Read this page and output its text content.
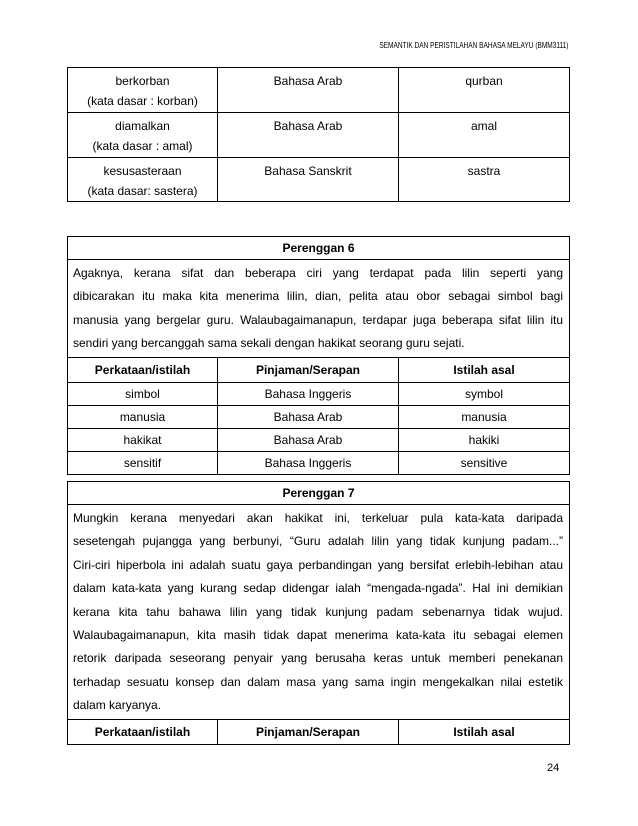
SEMANTIK DAN PERISTILAHAN BAHASA MELAYU (BMM3111)
berkorban
(kata dasar : korban)	Bahasa Arab	qurban

diamalkan
(kata dasar : amal)	Bahasa Arab	amal

kesusasteraan
(kata dasar: sastera)	Bahasa Sanskrit	sastra
Perenggan 6		

Agaknya, kerana sifat dan beberapa ciri yang terdapat pada lilin seperti yang
dibicarakan itu maka kita menerima lilin, dian, pelita atau obor sebagai simbol bagi
manusia yang bergelar guru. Walaubagaimanapun, terdapar juga beberapa sifat lilin itu
sendiri yang bercanggah sama sekali dengan hakikat seorang guru sejati.		

Perkataan/istilah	Pinjaman/Serapan	Istilah asal
simbol	Bahasa Inggeris	symbol
manusia	Bahasa Arab	manusia
hakikat	Bahasa Arab	hakiki
sensitif	Bahasa Inggeris	sensitive
Perenggan 7

Mungkin kerana menyedari akan hakikat ini, terkeluar pula kata-kata daripada
sesetengah pujangga yang berbunyi, “Guru adalah lilin yang tidak kunjung padam...”
Ciri-ciri hiperbola ini adalah suatu gaya perbandingan yang bersifat erlebih-lebihan atau
dalam kata-kata yang kurang sedap didengar ialah “mengada-ngada”. Hal ini demikian
kerana kita tahu bahawa lilin yang tidak kunjung padam sebenarnya tidak wujud.
Walaubagaimanapun, kita masih tidak dapat menerima kata-kata itu sebagai elemen
retorik daripada seseorang penyair yang berusaha keras untuk memberi penekanan
terhadap sesuatu konsep dan dalam masa yang sama ingin mengekalkan nilai estetik
dalam karyanya.

Perkataan/istilah	Pinjaman/Serapan	Istilah asal
24
